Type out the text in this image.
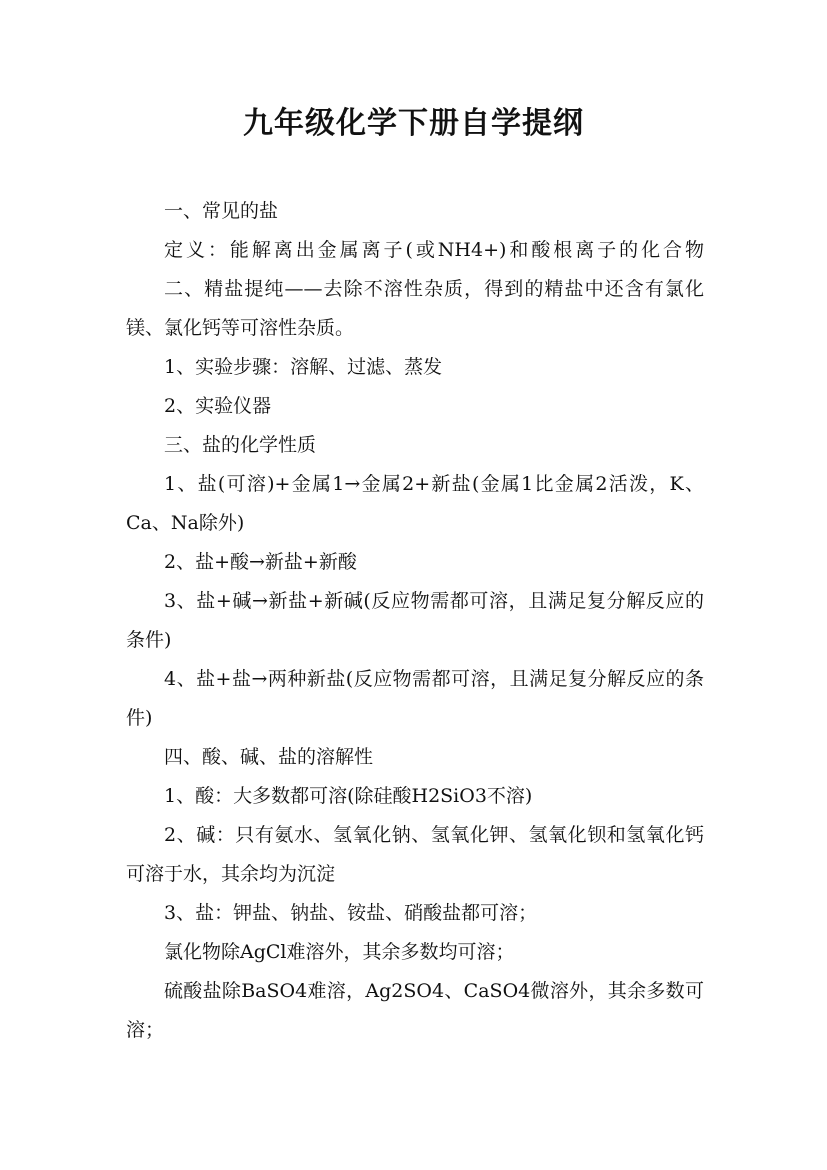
九年级化学下册自学提纲

一、常见的盐

定义：能解离出金属离子(或NH4+)和酸根离子的化合物

二、精盐提纯——去除不溶性杂质，得到的精盐中还含有氯化镁、氯化钙等可溶性杂质。

1、实验步骤：溶解、过滤、蒸发

2、实验仪器

三、盐的化学性质

1、盐(可溶)+金属1→金属2+新盐(金属1比金属2活泼，K、Ca、Na除外)

2、盐+酸→新盐+新酸

3、盐+碱→新盐+新碱(反应物需都可溶，且满足复分解反应的条件)

4、盐+盐→两种新盐(反应物需都可溶，且满足复分解反应的条件)

四、酸、碱、盐的溶解性

1、酸：大多数都可溶(除硅酸H2SiO3不溶)

2、碱：只有氨水、氢氧化钠、氢氧化钾、氢氧化钡和氢氧化钙可溶于水，其余均为沉淀

3、盐：钾盐、钠盐、铵盐、硝酸盐都可溶；

氯化物除AgCl难溶外，其余多数均可溶；

硫酸盐除BaSO4难溶，Ag2SO4、CaSO4微溶外，其余多数可溶；
